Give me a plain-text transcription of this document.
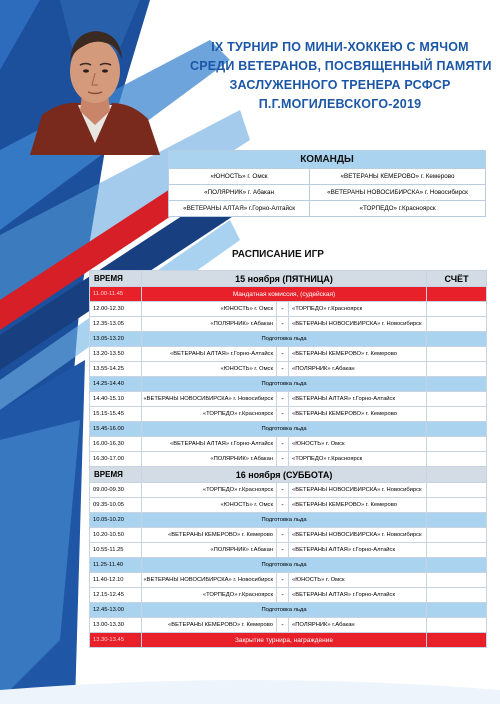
IX ТУРНИР ПО МИНИ-ХОККЕЮ С МЯЧОМ
СРЕДИ ВЕТЕРАНОВ, ПОСВЯЩЕННЫЙ ПАМЯТИ
ЗАСЛУЖЕННОГО ТРЕНЕРА РСФСР
П.Г.МОГИЛЕВСКОГО-2019
КОМАНДЫ	
«ЮНОСТЬ» г. Омск	«ВЕТЕРАНЫ КЕМЕРОВО» г. Кемерово
«ПОЛЯРНИК» г. Абакан	«ВЕТЕРАНЫ НОВОСИБИРСКА» г. Новосибирск
«ВЕТЕРАНЫ АЛТАЯ» г.Горно-Алтайск	«ТОРПЕДО» г.Красноярск
РАСПИСАНИЕ ИГР
ВРЕМЯ	15 ноября (ПЯТНИЦА)			СЧЁТ
11.00-11.45	Мандатная комиссия, (судейская)			
12.00-12.30	«ЮНОСТЬ» г. Омск	-	«ТОРПЕДО» г.Красноярск	
12.35-13.05	«ПОЛЯРНИК» г.Абакан	-	«ВЕТЕРАНЫ НОВОСИБИРСКА» г. Новосибирск	
13.05-13.20	Подготовка льда			
13.20-13.50	«ВЕТЕРАНЫ АЛТАЯ» г.Горно-Алтайск	-	«ВЕТЕРАНЫ КЕМЕРОВО» г. Кемерово	
13.55-14.25	«ЮНОСТЬ» г. Омск	-	«ПОЛЯРНИК» г.Абакан	
14.25-14.40	Подготовка льда			
14.40-15.10	«ВЕТЕРАНЫ НОВОСИБИРСКА» г. Новосибирск	-	«ВЕТЕРАНЫ АЛТАЯ» г.Горно-Алтайск	
15.15-15.45	«ТОРПЕДО» г.Красноярск	-	«ВЕТЕРАНЫ КЕМЕРОВО» г. Кемерово	
15.45-16.00	Подготовка льда			
16.00-16.30	«ВЕТЕРАНЫ АЛТАЯ» г.Горно-Алтайск	-	«ЮНОСТЬ» г. Омск	
16.30-17.00	«ПОЛЯРНИК» г.Абакан	-	«ТОРПЕДО» г.Красноярск	
ВРЕМЯ	16 ноября (СУББОТА)			
09.00-09.30	«ТОРПЕДО» г.Красноярск	-	«ВЕТЕРАНЫ НОВОСИБИРСКА» г. Новосибирск	
09.35-10.05	«ЮНОСТЬ» г. Омск	-	«ВЕТЕРАНЫ КЕМЕРОВО» г. Кемерово	
10.05-10.20	Подготовка льда			
10.20-10.50	«ВЕТЕРАНЫ КЕМЕРОВО» г. Кемерово	-	«ВЕТЕРАНЫ НОВОСИБИРСКА» г. Новосибирск	
10.55-11.25	«ПОЛЯРНИК» г.Абакан	-	«ВЕТЕРАНЫ АЛТАЯ» г.Горно-Алтайск	
11.25-11.40	Подготовка льда			
11.40-12.10	«ВЕТЕРАНЫ НОВОСИБИРСКА» г. Новосибирск	-	«ЮНОСТЬ» г. Омск	
12.15-12.45	«ТОРПЕДО» г.Красноярск	-	«ВЕТЕРАНЫ АЛТАЯ» г.Горно-Алтайск	
12.45-13.00	Подготовка льда			
13.00-13.30	«ВЕТЕРАНЫ КЕМЕРОВО» г. Кемерово	-	«ПОЛЯРНИК» г.Абакан	
13.30-13.45	Закрытие турнира, награждение			
